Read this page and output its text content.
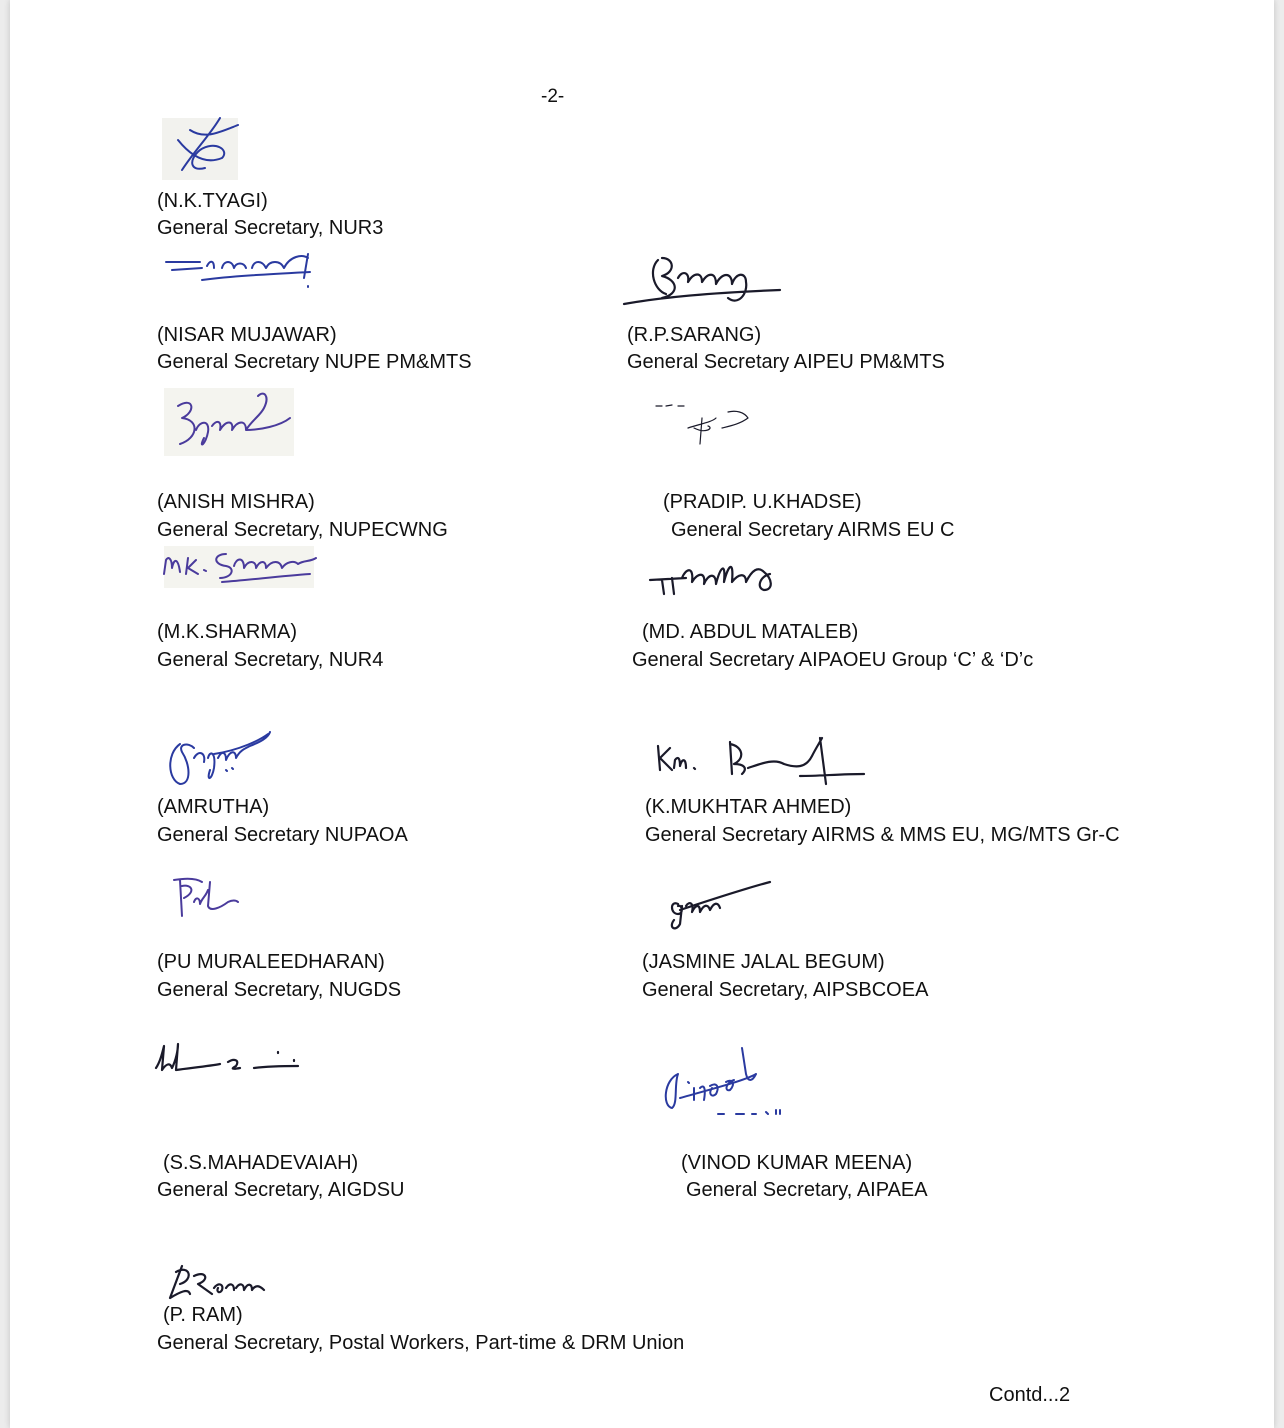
-2-
(N.K.TYAGI)
General Secretary, NUR3
(NISAR MUJAWAR)
General Secretary NUPE PM&MTS
(R.P.SARANG)
General Secretary AIPEU PM&MTS
(ANISH MISHRA)
General Secretary, NUPECWNG
(PRADIP. U.KHADSE)
General Secretary AIRMS EU C
(M.K.SHARMA)
General Secretary, NUR4
(MD. ABDUL MATALEB)
General Secretary AIPAOEU Group ‘C’ & ‘D’c
(AMRUTHA)
General Secretary NUPAOA
(K.MUKHTAR AHMED)
General Secretary AIRMS & MMS EU, MG/MTS Gr-C
(PU MURALEEDHARAN)
General Secretary, NUGDS
(JASMINE JALAL BEGUM)
General Secretary, AIPSBCOEA
(S.S.MAHADEVAIAH)
General Secretary, AIGDSU
(VINOD KUMAR MEENA)
General Secretary, AIPAEA
(P. RAM)
General Secretary, Postal Workers, Part-time & DRM Union
Contd...2
